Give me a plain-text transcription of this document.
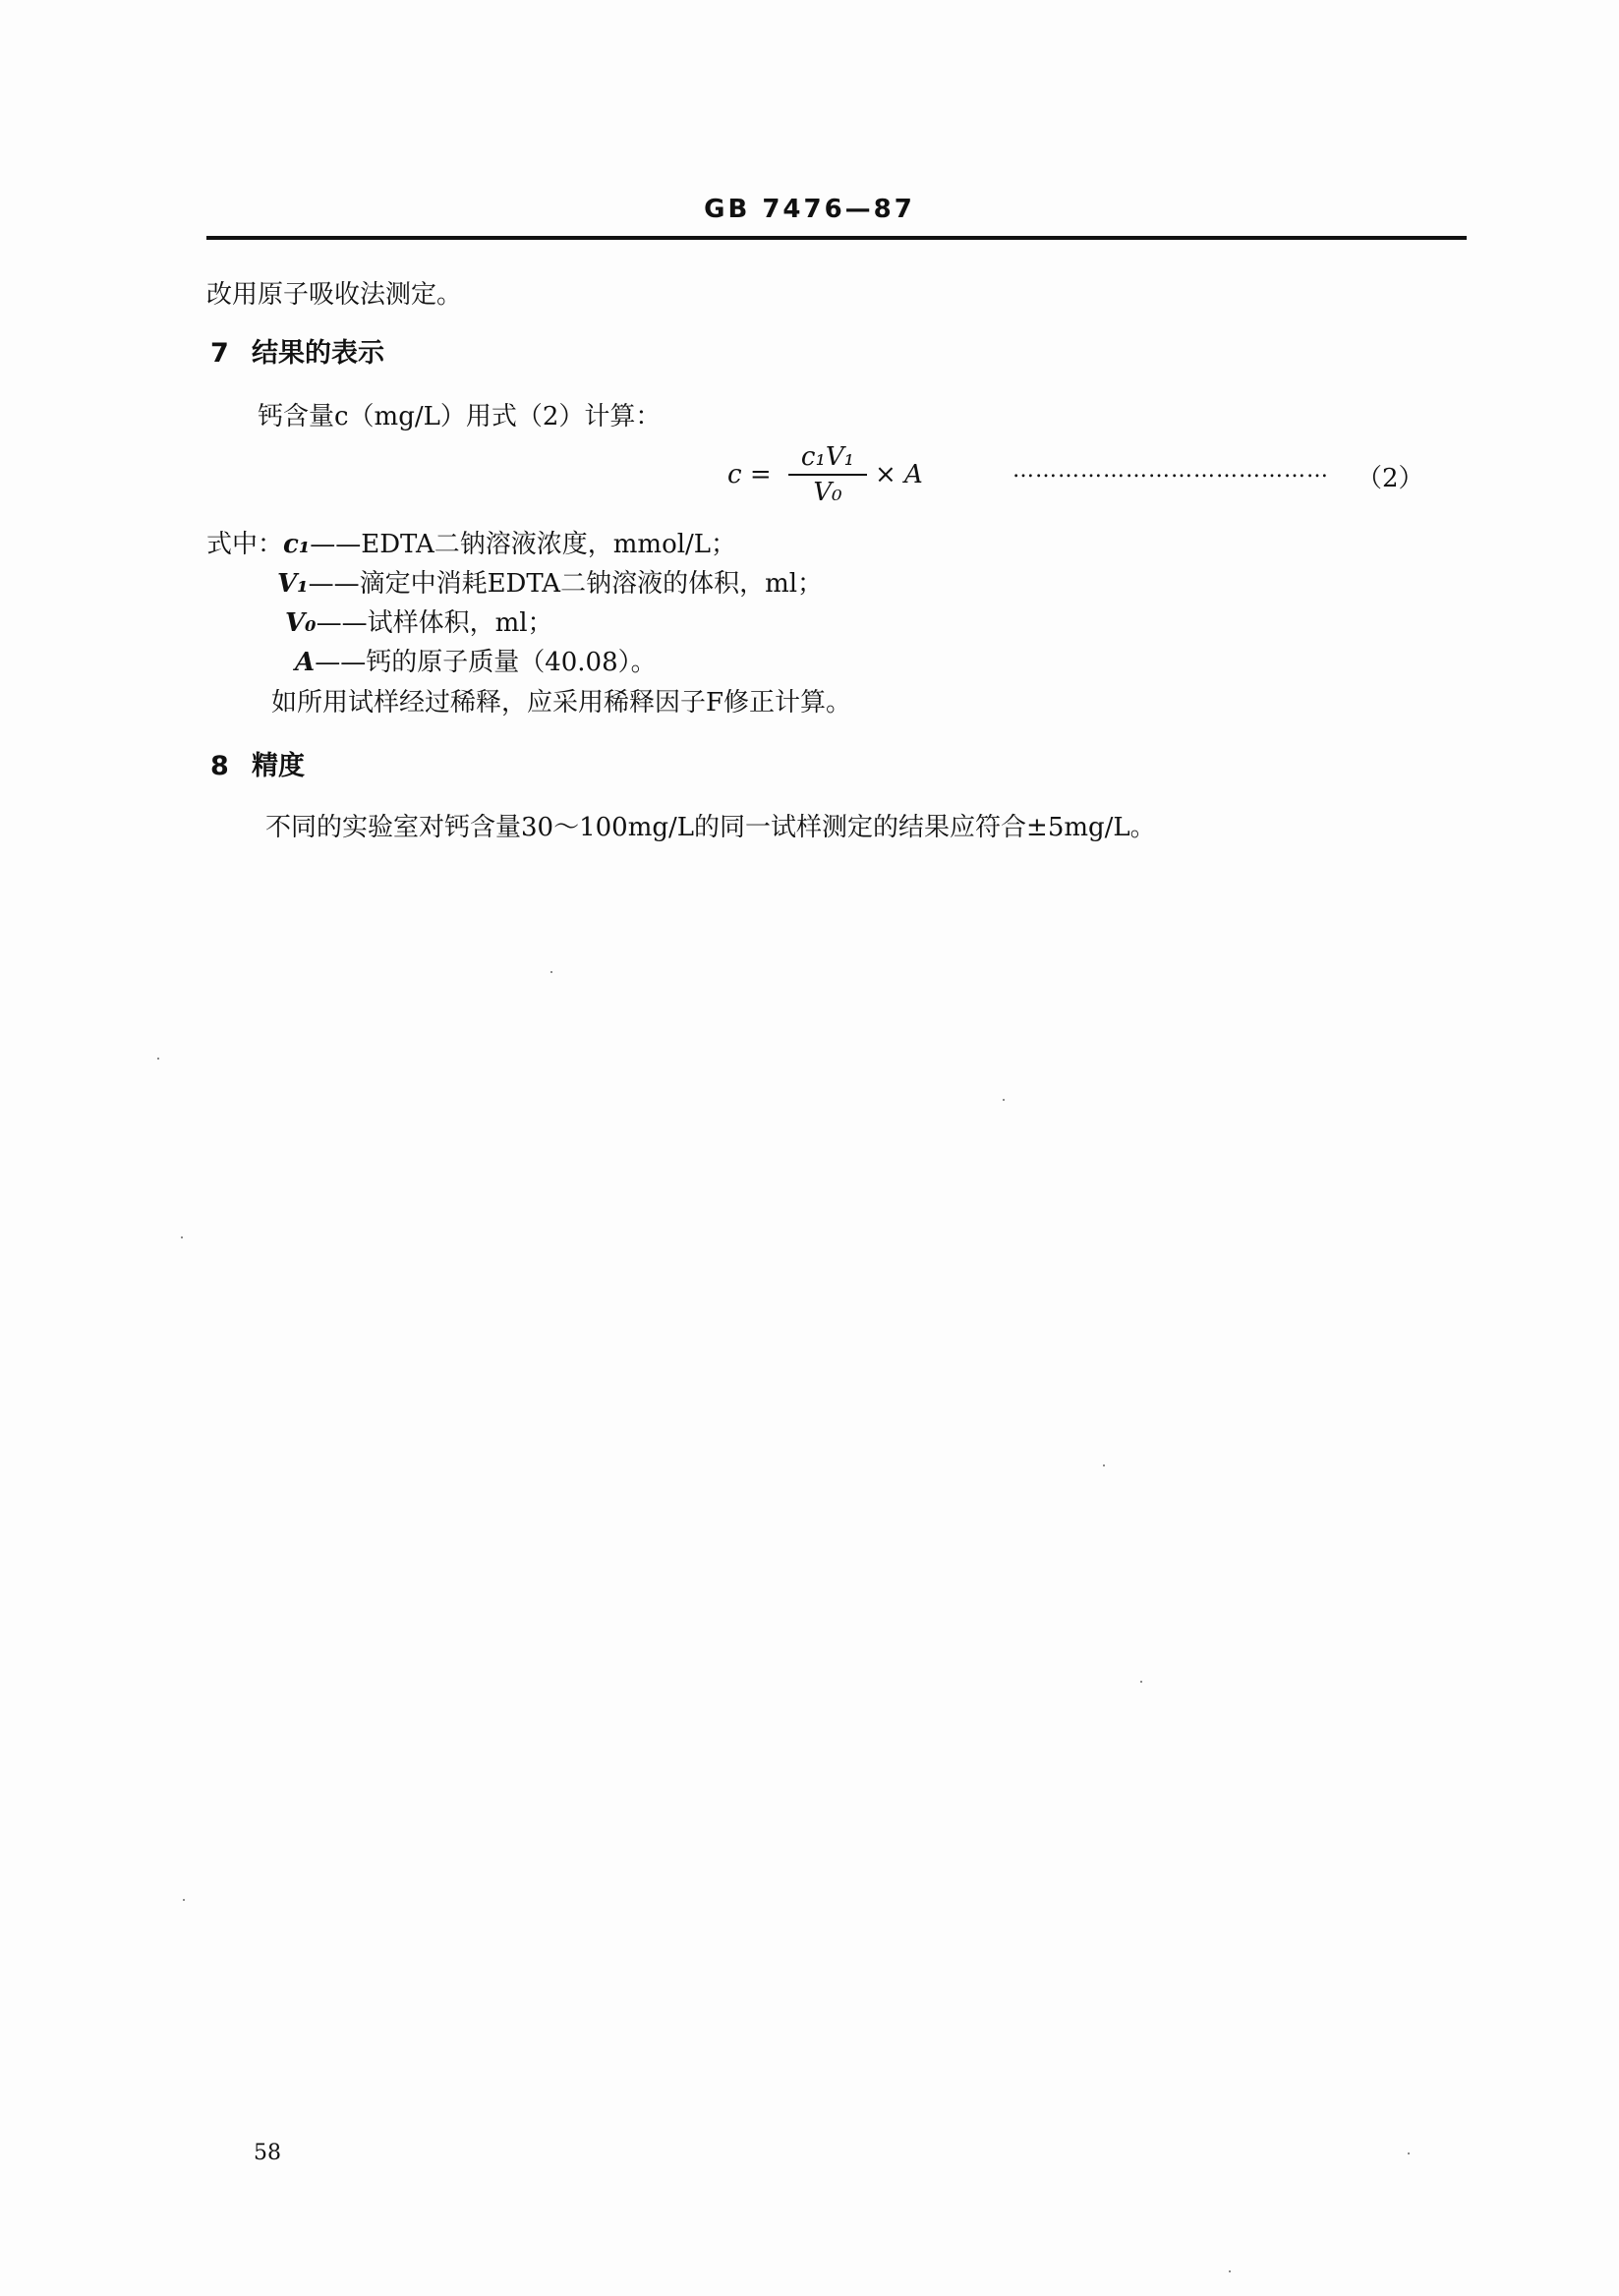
GB 7476—87
改用原子吸收法测定。
7 结果的表示
钙含量c（mg/L）用式（2）计算：
c =
c₁V₁
V₀
× A	…………………………………… （2）
式中：c₁——EDTA二钠溶液浓度，mmol/L；
V₁——滴定中消耗EDTA二钠溶液的体积，ml；
V₀——试样体积，ml；
A——钙的原子质量（40.08）。
如所用试样经过稀释，应采用稀释因子F修正计算。
8 精度
不同的实验室对钙含量30～100mg/L的同一试样测定的结果应符合±5mg/L。
58
